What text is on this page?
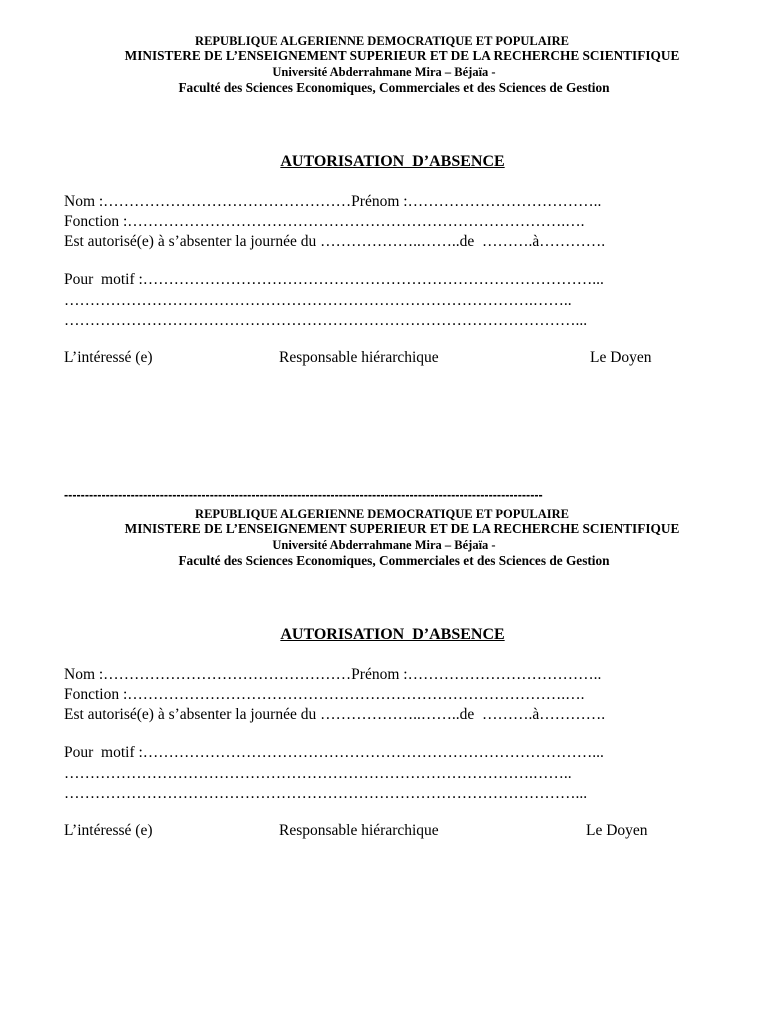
REPUBLIQUE ALGERIENNE DEMOCRATIQUE ET POPULAIRE
MINISTERE DE L’ENSEIGNEMENT SUPERIEUR ET DE LA RECHERCHE SCIENTIFIQUE
Université Abderrahmane Mira – Béjaïa -
Faculté des Sciences Economiques, Commerciales et des Sciences de Gestion
AUTORISATION  D’ABSENCE
Nom :…………………………………………Prénom :………………………………..
Fonction :………………………………………………………………………….….
Est autorisé(e) à s’absenter la journée du ………………..……..de  ……….à………….
Pour  motif :……………………………………………………………………………...
……………………………………………………………………………….……..
………………………………………………………………………………………...
L’intéressé (e)	Responsable hiérarchique	Le Doyen
-------------------------------------------------------------------------------------------------------------------
REPUBLIQUE ALGERIENNE DEMOCRATIQUE ET POPULAIRE
MINISTERE DE L’ENSEIGNEMENT SUPERIEUR ET DE LA RECHERCHE SCIENTIFIQUE
Université Abderrahmane Mira – Béjaïa -
Faculté des Sciences Economiques, Commerciales et des Sciences de Gestion
AUTORISATION  D’ABSENCE
Nom :…………………………………………Prénom :………………………………..
Fonction :………………………………………………………………………….….
Est autorisé(e) à s’absenter la journée du ………………..……..de  ……….à………….
Pour  motif :……………………………………………………………………………...
……………………………………………………………………………….……..
………………………………………………………………………………………...
L’intéressé (e)	Responsable hiérarchique	Le Doyen
